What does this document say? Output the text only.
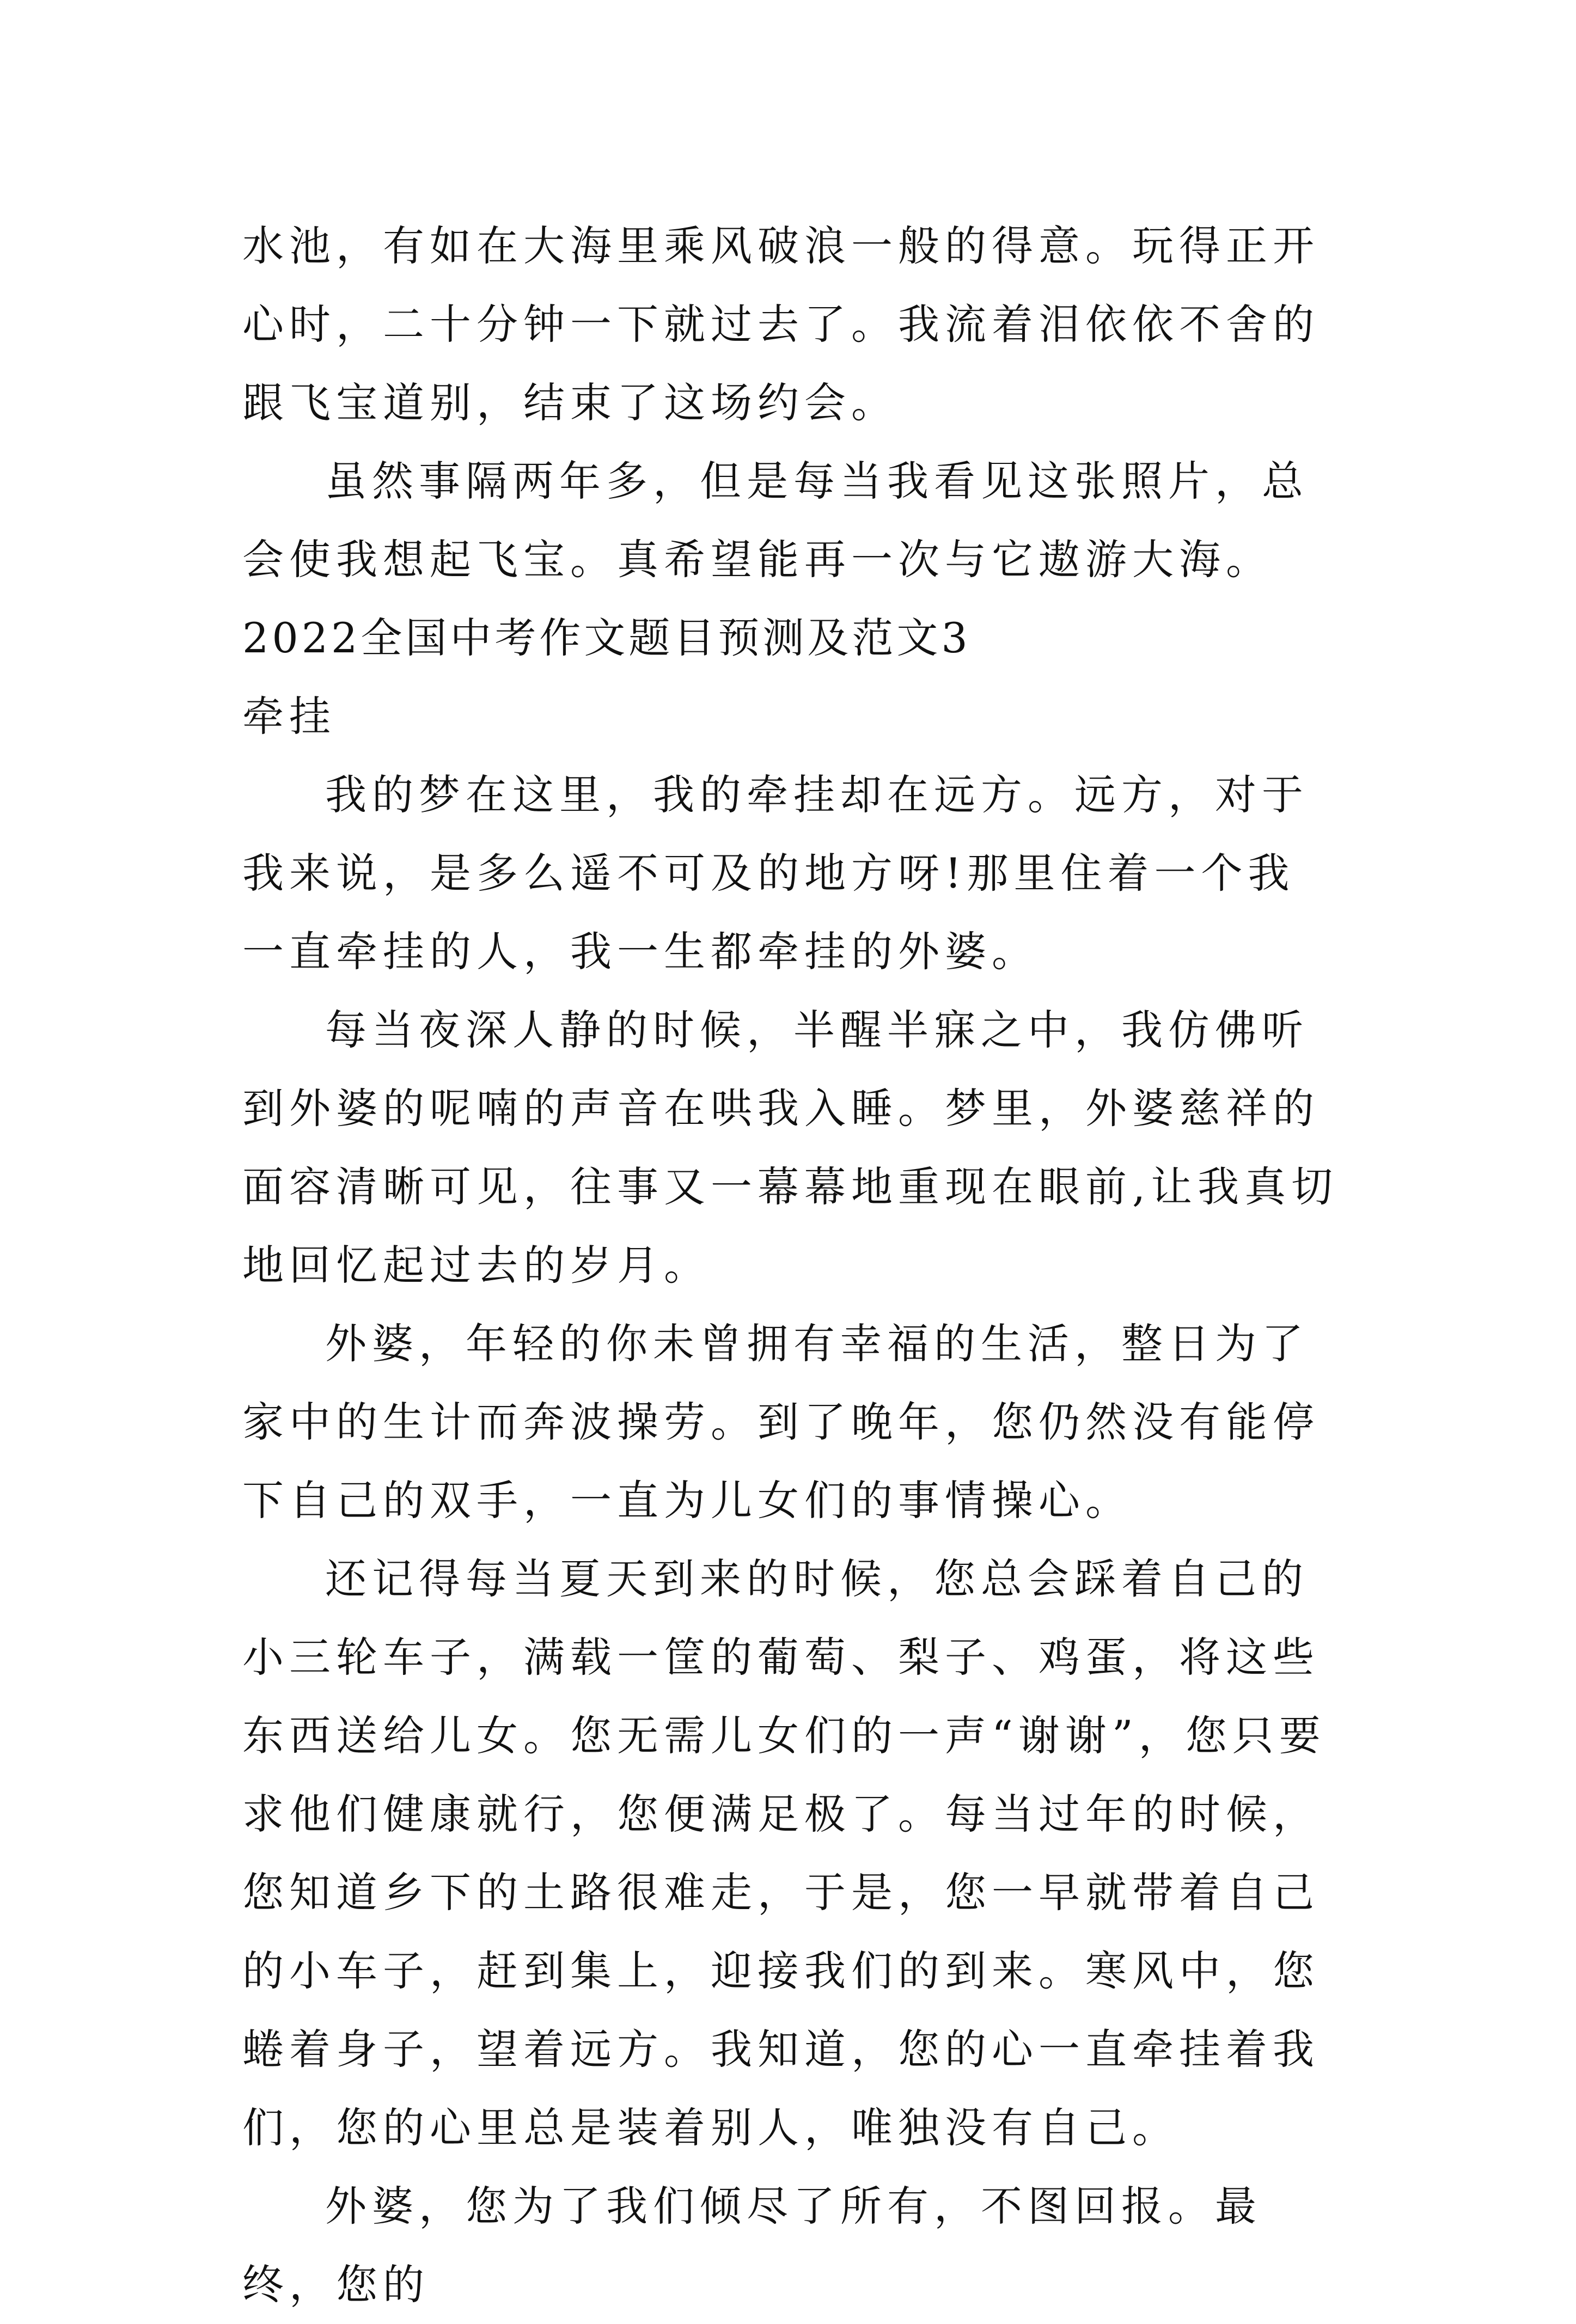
水池，有如在大海里乘风破浪一般的得意。玩得正开心时，二十分钟一下就过去了。我流着泪依依不舍的跟飞宝道别，结束了这场约会。

虽然事隔两年多，但是每当我看见这张照片，总会使我想起飞宝。真希望能再一次与它遨游大海。

2022全国中考作文题目预测及范文3

牵挂

我的梦在这里，我的牵挂却在远方。远方，对于我来说，是多么遥不可及的地方呀!那里住着一个我一直牵挂的人，我一生都牵挂的外婆。

每当夜深人静的时候，半醒半寐之中，我仿佛听到外婆的呢喃的声音在哄我入睡。梦里，外婆慈祥的面容清晰可见，往事又一幕幕地重现在眼前,让我真切地回忆起过去的岁月。

外婆，年轻的你未曾拥有幸福的生活，整日为了家中的生计而奔波操劳。到了晚年，您仍然没有能停下自己的双手，一直为儿女们的事情操心。

还记得每当夏天到来的时候，您总会踩着自己的小三轮车子，满载一筐的葡萄、梨子、鸡蛋，将这些东西送给儿女。您无需儿女们的一声“谢谢”，您只要求他们健康就行，您便满足极了。每当过年的时候，您知道乡下的土路很难走，于是，您一早就带着自己的小车子，赶到集上，迎接我们的到来。寒风中，您蜷着身子，望着远方。我知道，您的心一直牵挂着我们，您的心里总是装着别人，唯独没有自己。

外婆，您为了我们倾尽了所有，不图回报。最终，您的
